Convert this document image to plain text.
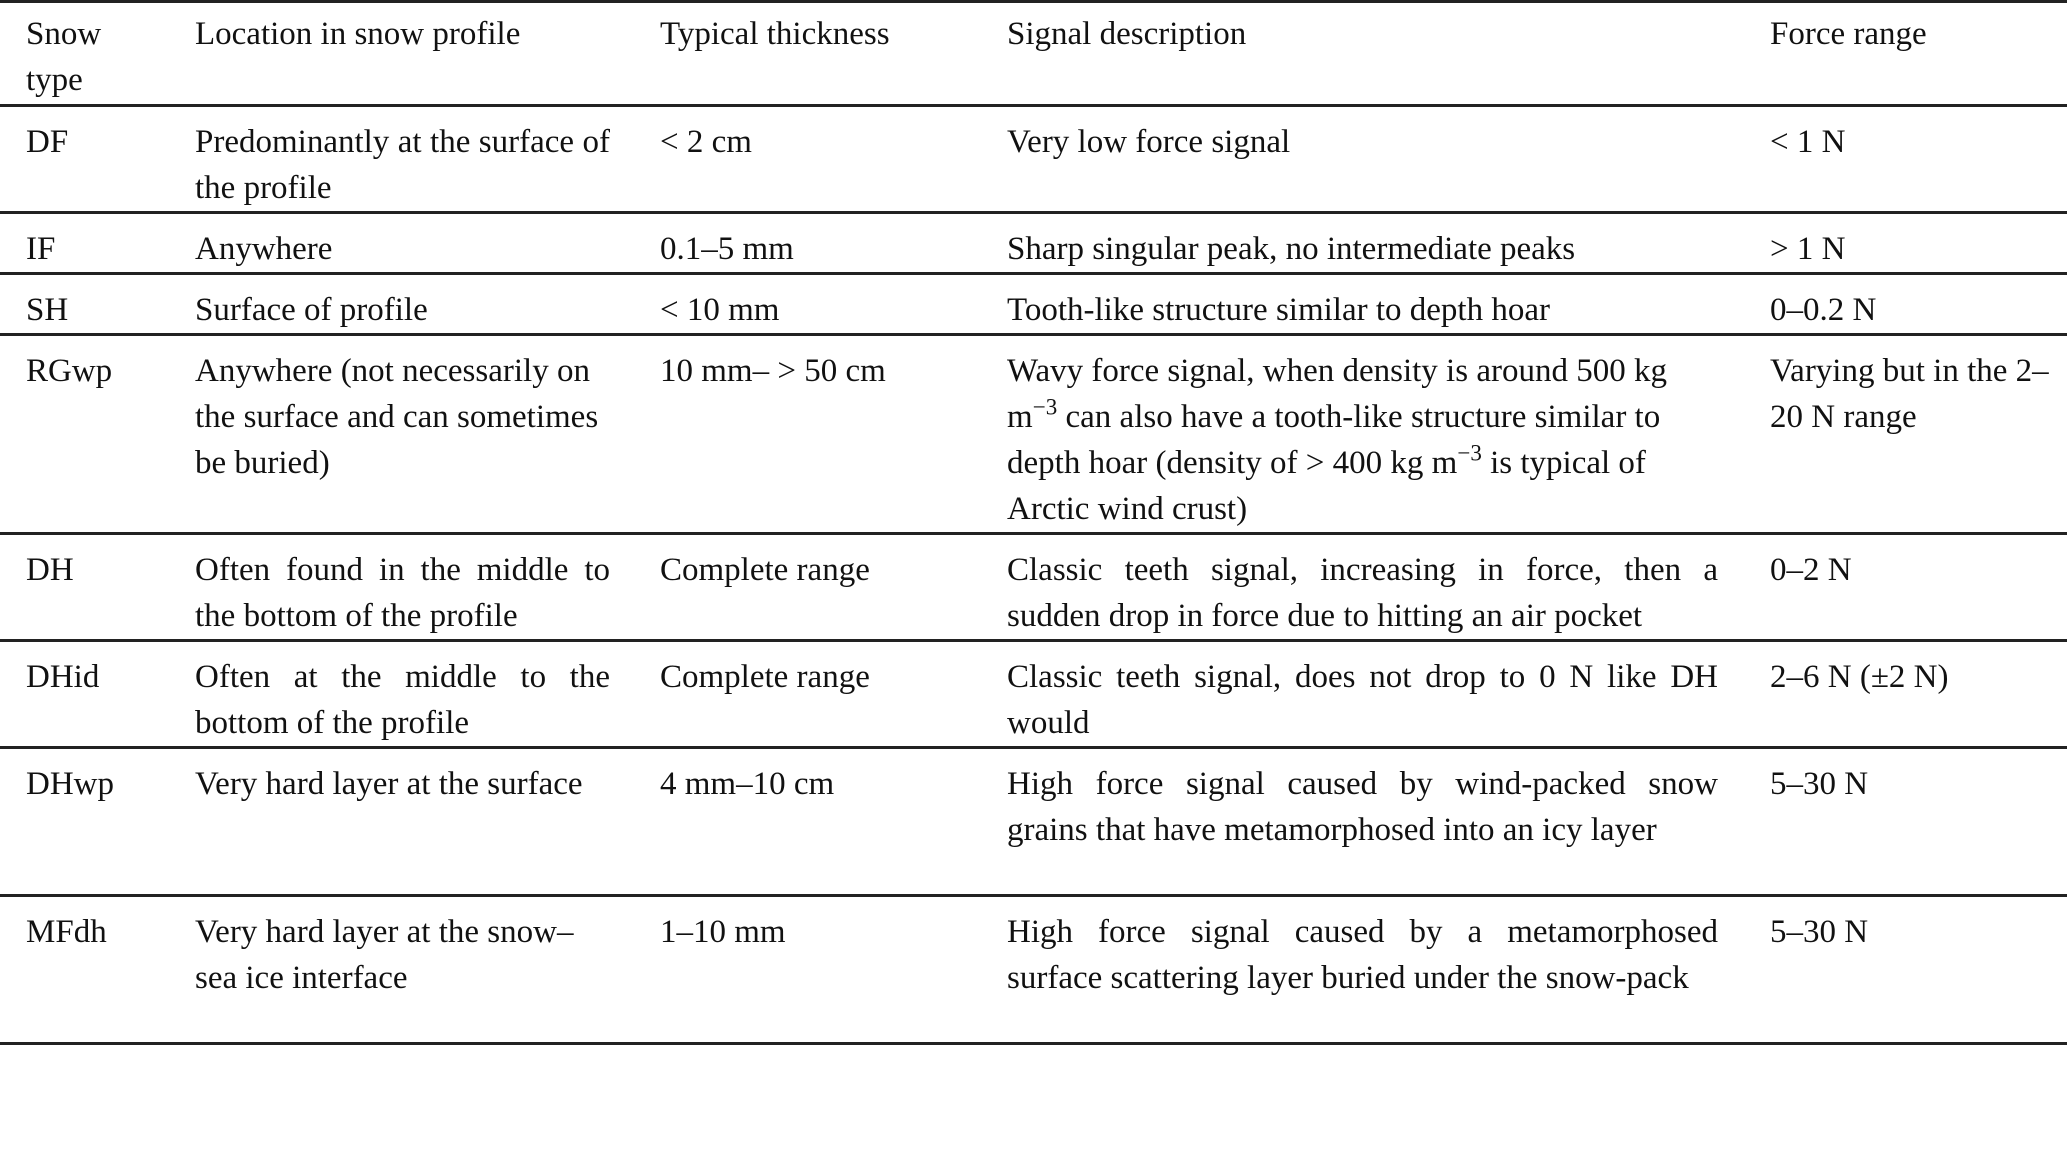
Snow type	Location in snow profile	Typical thickness	Signal description	Force range
DF	Predominantly at the surface of the profile	< 2 cm	Very low force signal	< 1 N
IF	Anywhere	0.1–5 mm	Sharp singular peak, no intermediate peaks	> 1 N
SH	Surface of profile	< 10 mm	Tooth-like structure similar to depth hoar	0–0.2 N
RGwp	Anywhere (not necessarily on the surface and can sometimes be buried)	10 mm– > 50 cm	Wavy force signal, when density is around 500 kg $m^{-3}$ can also have a tooth-like structure similar to depth hoar (density of > 400 kg $m^{-3}$ is typical of Arctic wind crust)	Varying but in the 2–20 N range
DH	Often found in the middle to the bottom of the profile	Complete range	Classic teeth signal, increasing in force, then a sudden drop in force due to hitting an air pocket	0–2 N
DHid	Often at the middle to the bottom of the profile	Complete range	Classic teeth signal, does not drop to 0 N like DH would	2–6 N (±2 N)
DHwp	Very hard layer at the surface	4 mm–10 cm	High force signal caused by wind-packed snow grains that have metamorphosed into an icy layer	5–30 N
MFdh	Very hard layer at the snow–sea ice interface	1–10 mm	High force signal caused by a metamorphosed surface scattering layer buried under the snow-pack	5–30 N
